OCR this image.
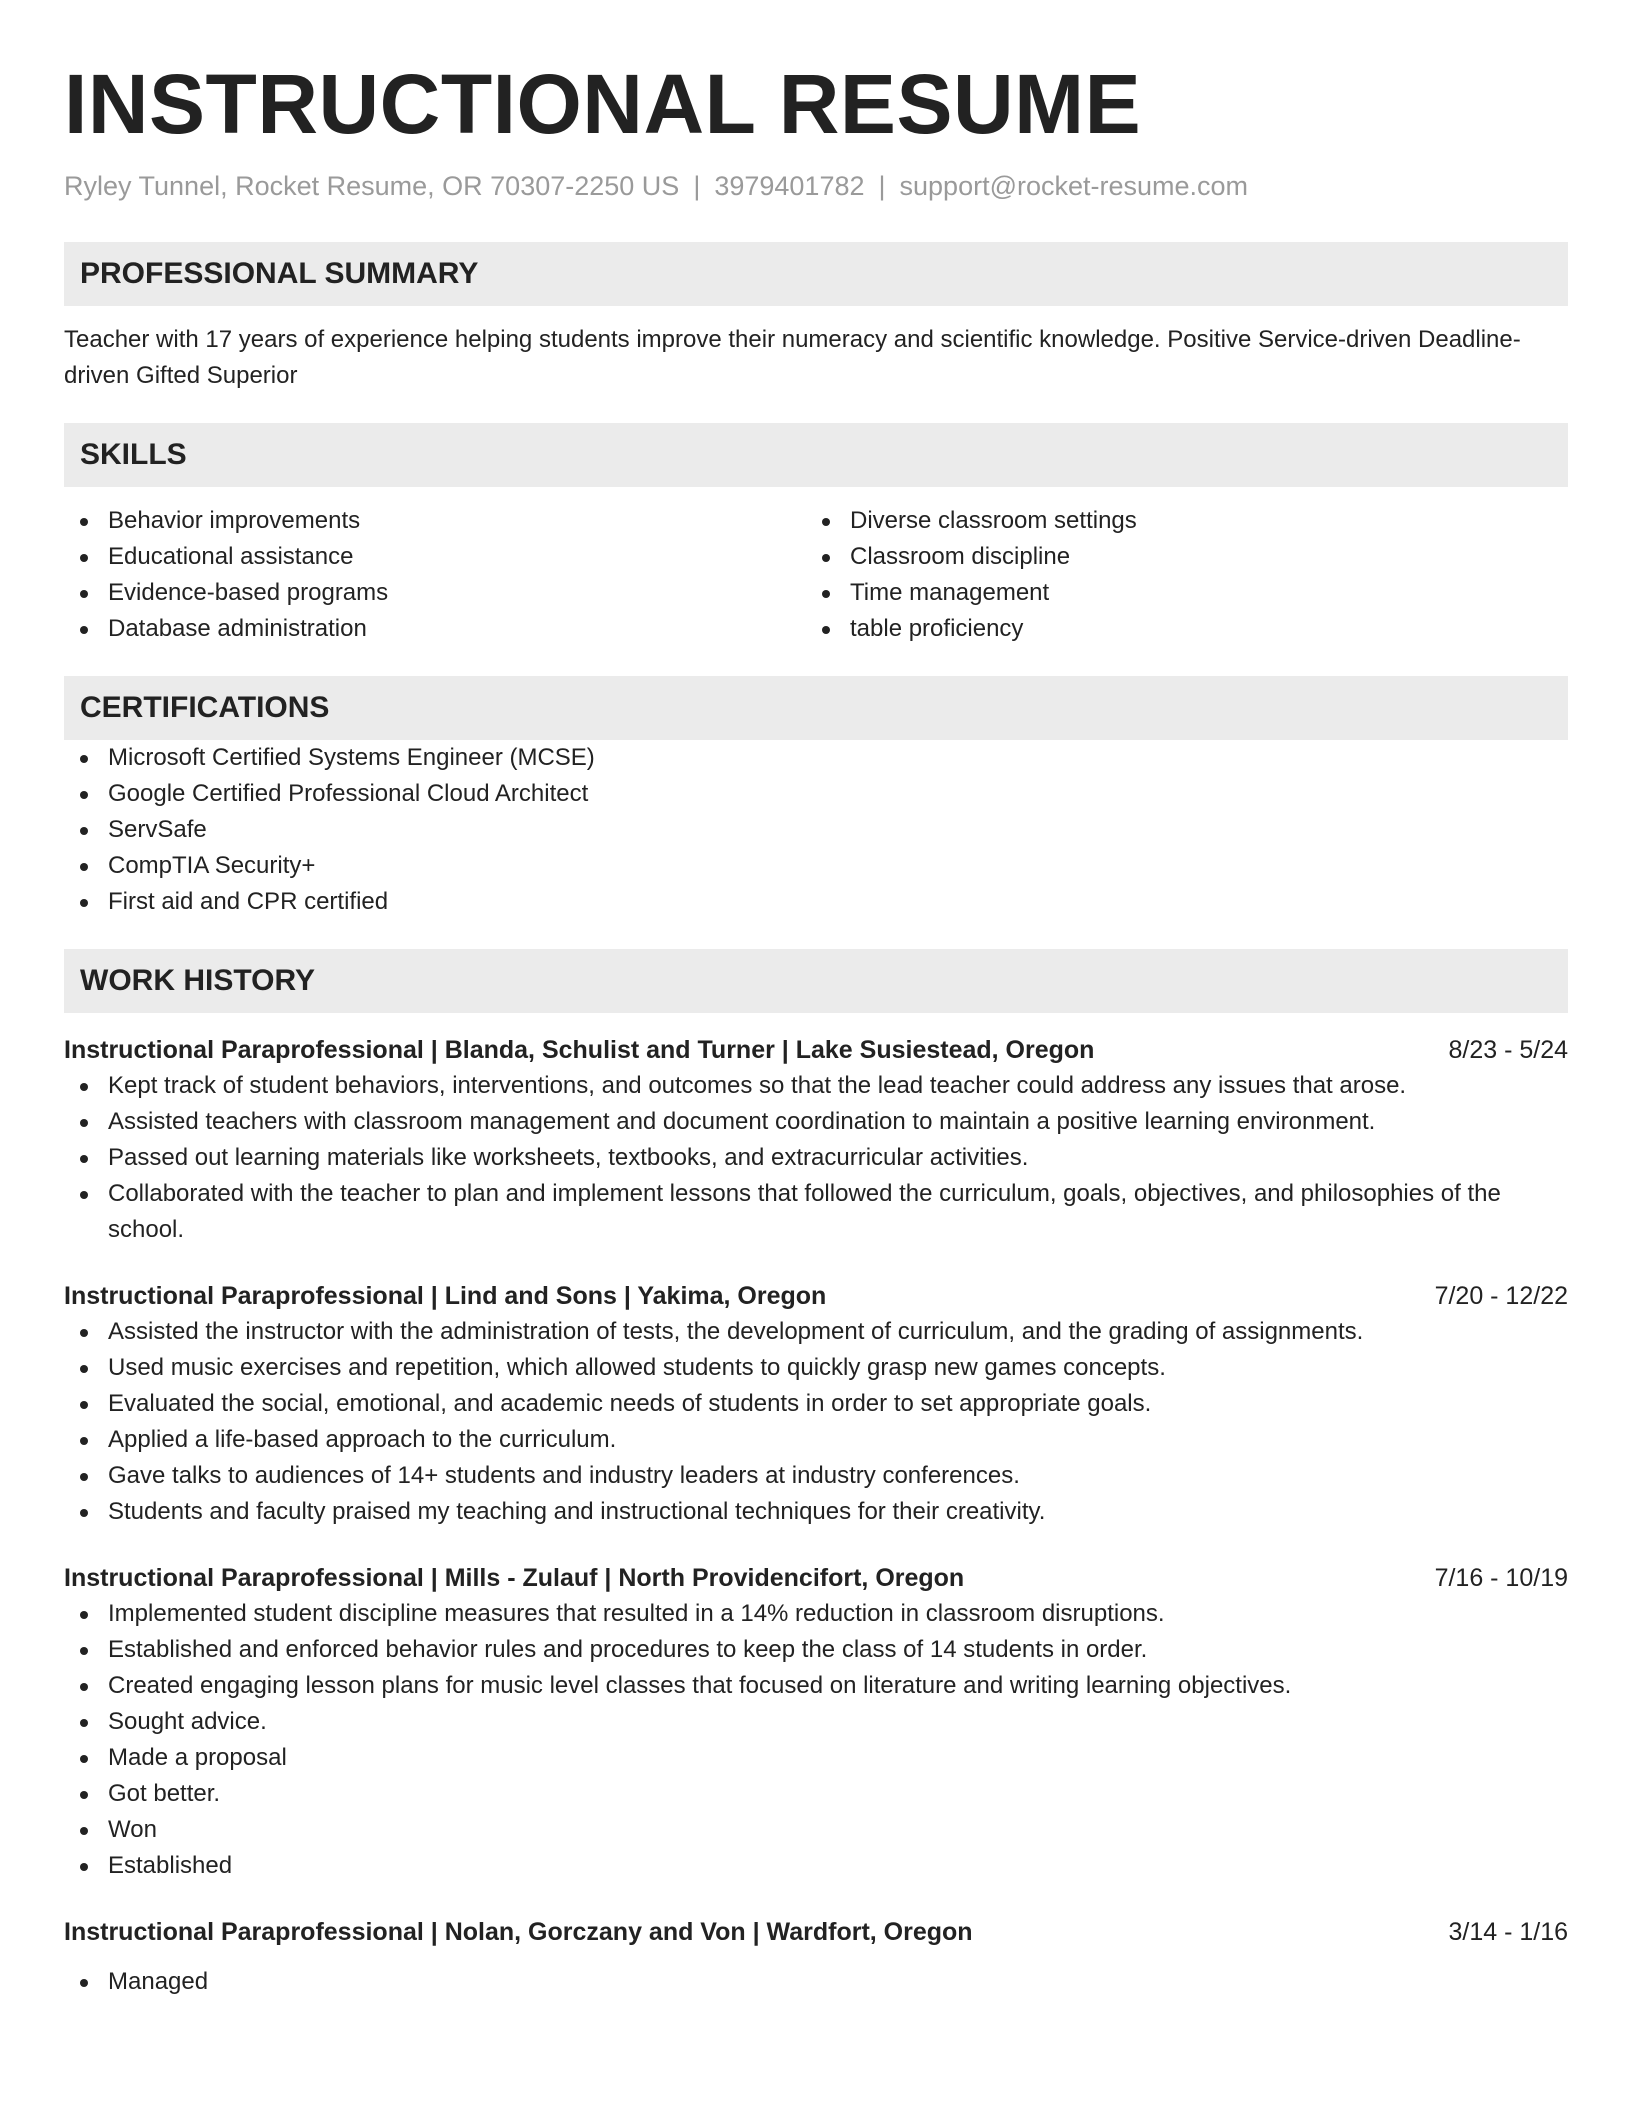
INSTRUCTIONAL RESUME
Ryley Tunnel, Rocket Resume, OR 70307-2250 US | 3979401782 | support@rocket-resume.com
PROFESSIONAL SUMMARY

Teacher with 17 years of experience helping students improve their numeracy and scientific knowledge. Positive Service-driven Deadline-driven Gifted Superior

SKILLS
Behavior improvements
Educational assistance
Evidence-based programs
Database administration
Diverse classroom settings
Classroom discipline
Time management
table proficiency
CERTIFICATIONS
Microsoft Certified Systems Engineer (MCSE)
Google Certified Professional Cloud Architect
ServSafe
CompTIA Security+
First aid and CPR certified
WORK HISTORY
Instructional Paraprofessional | Blanda, Schulist and Turner | Lake Susiestead, Oregon	8/23 - 5/24
Kept track of student behaviors, interventions, and outcomes so that the lead teacher could address any issues that arose.
Assisted teachers with classroom management and document coordination to maintain a positive learning environment.
Passed out learning materials like worksheets, textbooks, and extracurricular activities.
Collaborated with the teacher to plan and implement lessons that followed the curriculum, goals, objectives, and philosophies of the school.
Instructional Paraprofessional | Lind and Sons | Yakima, Oregon	7/20 - 12/22
Assisted the instructor with the administration of tests, the development of curriculum, and the grading of assignments.
Used music exercises and repetition, which allowed students to quickly grasp new games concepts.
Evaluated the social, emotional, and academic needs of students in order to set appropriate goals.
Applied a life-based approach to the curriculum.
Gave talks to audiences of 14+ students and industry leaders at industry conferences.
Students and faculty praised my teaching and instructional techniques for their creativity.
Instructional Paraprofessional | Mills - Zulauf | North Providencifort, Oregon	7/16 - 10/19
Implemented student discipline measures that resulted in a 14% reduction in classroom disruptions.
Established and enforced behavior rules and procedures to keep the class of 14 students in order.
Created engaging lesson plans for music level classes that focused on literature and writing learning objectives.
Sought advice.
Made a proposal
Got better.
Won
Established
Instructional Paraprofessional | Nolan, Gorczany and Von | Wardfort, Oregon	3/14 - 1/16
Managed
